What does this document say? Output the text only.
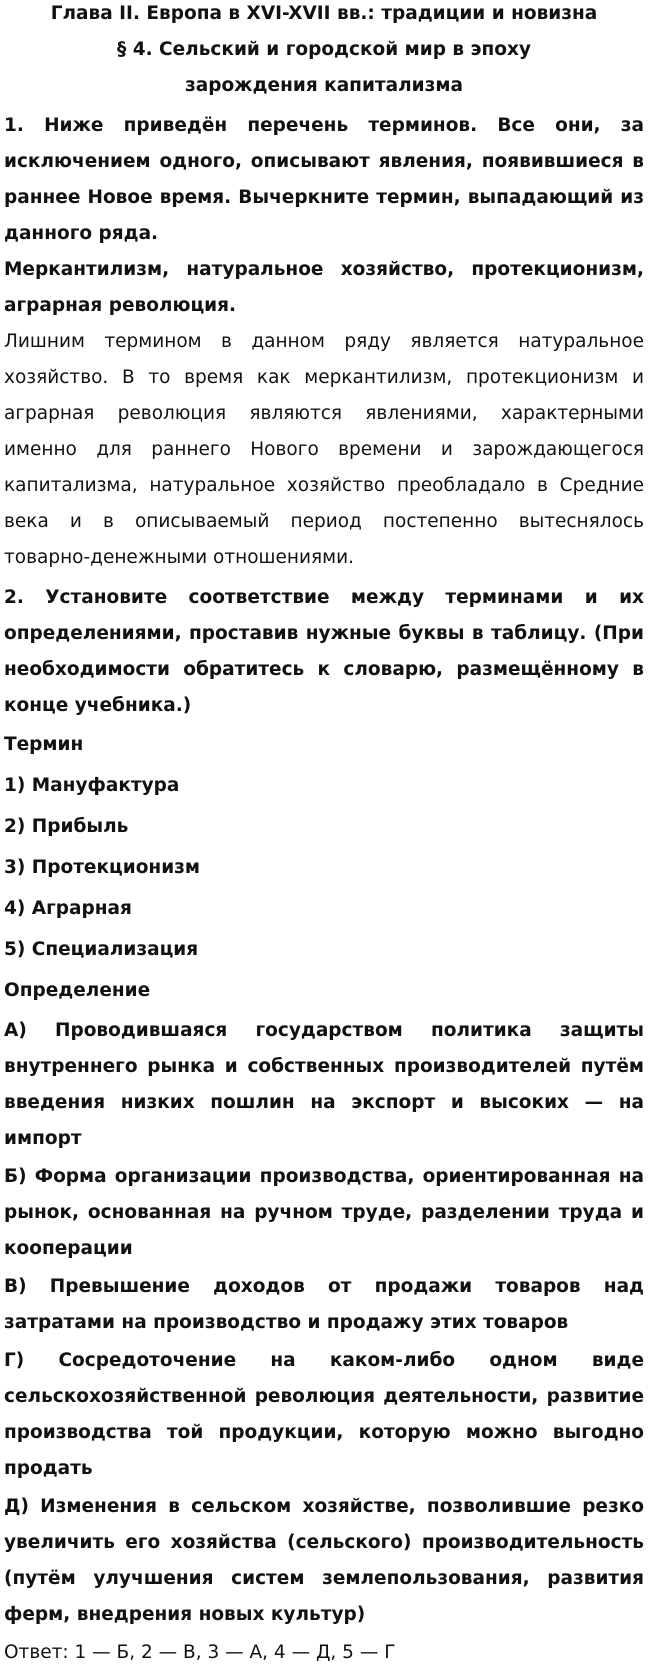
Глава II. Европа в XVI-XVII вв.: традиции и новизна
§ 4. Сельский и городской мир в эпоху
зарождения капитализма

1. Ниже приведён перечень терминов. Все они, за исключением одного, описывают явления, появившиеся в раннее Новое время. Вычеркните термин, выпадающий из данного ряда.

Меркантилизм, натуральное хозяйство, протекционизм, аграрная революция.

Лишним термином в данном ряду является натуральное хозяйство. В то время как меркантилизм, протекционизм и аграрная революция являются явлениями, характерными именно для раннего Нового времени и зарождающегося капитализма, натуральное хозяйство преобладало в Средние века и в описываемый период постепенно вытеснялось товарно-денежными отношениями.

2. Установите соответствие между терминами и их определениями, проставив нужные буквы в таблицу. (При необходимости обратитесь к словарю, размещённому в конце учебника.)

Термин

1) Мануфактура

2) Прибыль

3) Протекционизм

4) Аграрная

5) Специализация

Определение

А) Проводившаяся государством политика защиты внутреннего рынка и собственных производителей путём введения низких пошлин на экспорт и высоких — на импорт

Б) Форма организации производства, ориентированная на рынок, основанная на ручном труде, разделении труда и кооперации

В) Превышение доходов от продажи товаров над затратами на производство и продажу этих товаров

Г) Сосредоточение на каком-либо одном виде сельскохозяйственной революция деятельности, развитие производства той продукции, которую можно выгодно продать

Д) Изменения в сельском хозяйстве, позволившие резко увеличить его хозяйства (сельского) производительность (путём улучшения систем землепользования, развития ферм, внедрения новых культур)

Ответ: 1 — Б, 2 — В, 3 — А, 4 — Д, 5 — Г
